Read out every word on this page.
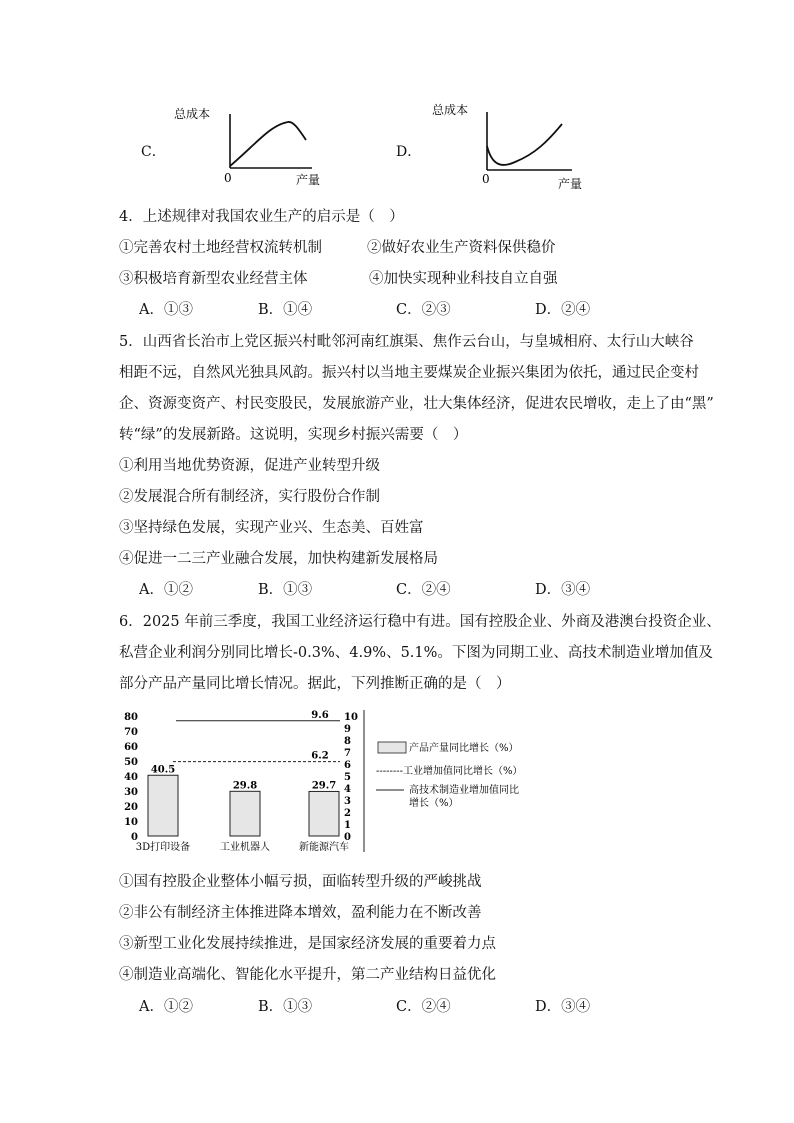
C．
总成本
0	产量
D．
总成本
0	产量
4．上述规律对我国农业生产的启示是（　）
①完善农村土地经营权流转机制	②做好农业生产资料保供稳价
③积极培育新型农业经营主体	④加快实现种业科技自立自强
A．①③	B．①④	C．②③	D．②④
5．山西省长治市上党区振兴村毗邻河南红旗渠、焦作云台山，与皇城相府、太行山大峡谷
相距不远，自然风光独具风韵。振兴村以当地主要煤炭企业振兴集团为依托，通过民企变村
企、资源变资产、村民变股民，发展旅游产业，壮大集体经济，促进农民增收，走上了由“黑”
转“绿”的发展新路。这说明，实现乡村振兴需要（　）
①利用当地优势资源，促进产业转型升级
②发展混合所有制经济，实行股份合作制
③坚持绿色发展，实现产业兴、生态美、百姓富
④促进一二三产业融合发展，加快构建新发展格局
A．①②	B．①③	C．②④	D．③④
6．2025 年前三季度，我国工业经济运行稳中有进。国有控股企业、外商及港澳台投资企业、
私营企业利润分别同比增长-0.3%、4.9%、5.1%。下图为同期工业、高技术制造业增加值及
部分产品产量同比增长情况。据此，下列推断正确的是（　）
0
10
20
30
40
50
60
70
80
0
1
2
3
4
5
6
7
8
9
10
40.5
29.8	29.7
6.2
9.6
3D打印设备	工业机器人	新能源汽车
产品产量同比增长（%）
--------工业增加值同比增长（%）
高技术制造业增加值同比
增长（%）
①国有控股企业整体小幅亏损，面临转型升级的严峻挑战
②非公有制经济主体推进降本增效，盈利能力在不断改善
③新型工业化发展持续推进，是国家经济发展的重要着力点
④制造业高端化、智能化水平提升，第二产业结构日益优化
A．①②	B．①③	C．②④	D．③④
